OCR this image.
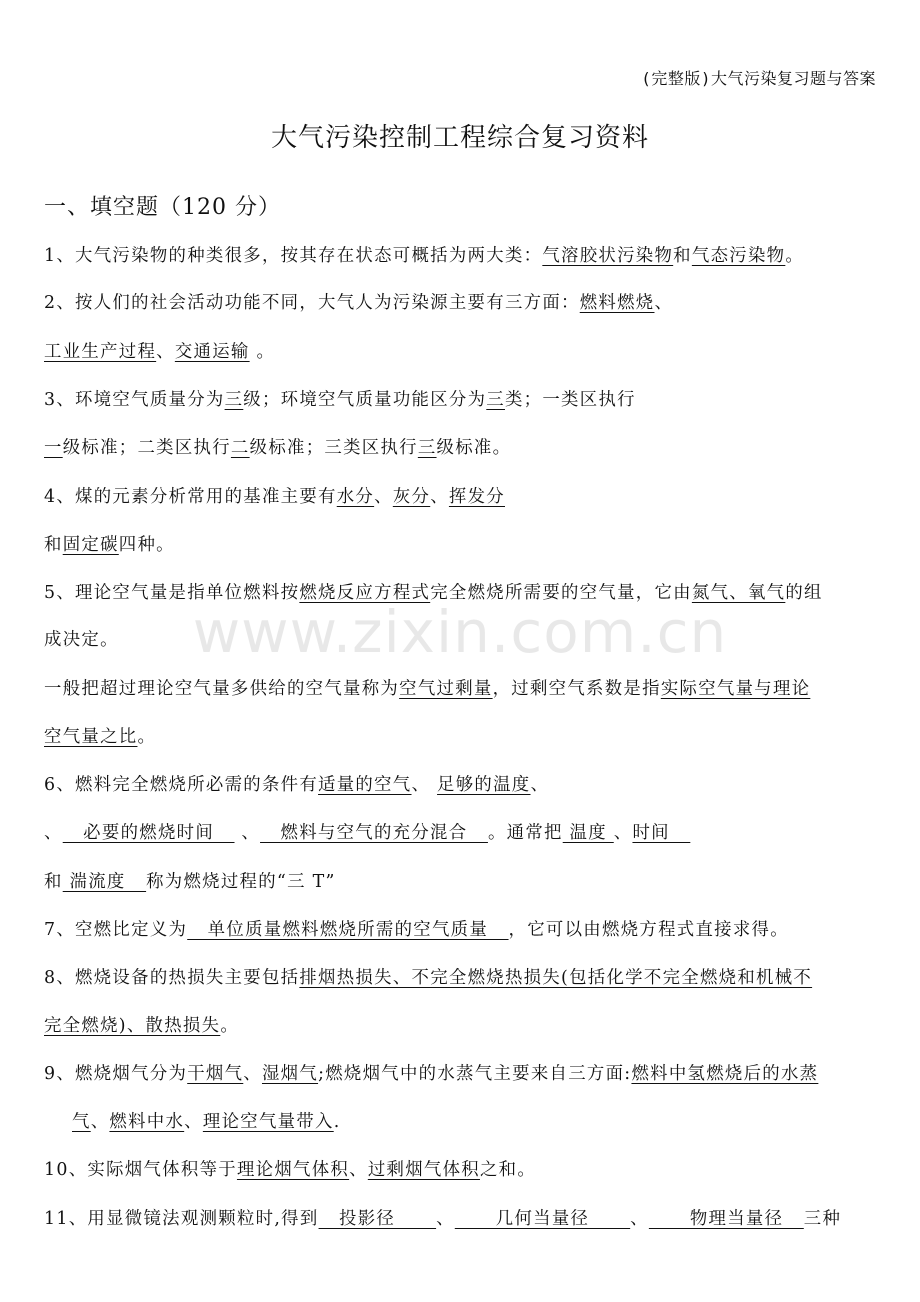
(完整版)大气污染复习题与答案
大气污染控制工程综合复习资料
www.zixin.com.cn
一、填空题（120 分）
1、大气污染物的种类很多，按其存在状态可概括为两大类：气溶胶状污染物和气态污染物。
2、按人们的社会活动功能不同，大气人为污染源主要有三方面：燃料燃烧、
工业生产过程、交通运输 。
3、环境空气质量分为三级；环境空气质量功能区分为三类；一类区执行
一级标准；二类区执行二级标准；三类区执行三级标准。
4、煤的元素分析常用的基准主要有水分、灰分、挥发分
和固定碳四种。
5、理论空气量是指单位燃料按燃烧反应方程式完全燃烧所需要的空气量，它由氮气、氧气的组
成决定。
一般把超过理论空气量多供给的空气量称为空气过剩量，过剩空气系数是指实际空气量与理论
空气量之比。
6、燃料完全燃烧所必需的条件有适量的空气、 足够的温度、
、   必要的燃烧时间    、   燃料与空气的充分混合   。通常把 温度 、时间
和 湍流度   称为燃烧过程的“三 T”
7、空燃比定义为   单位质量燃料燃烧所需的空气质量   ，它可以由燃烧方程式直接求得。
8、燃烧设备的热损失主要包括排烟热损失、不完全燃烧热损失(包括化学不完全燃烧和机械不
完全燃烧)、散热损失。
9、燃烧烟气分为干烟气、湿烟气;燃烧烟气中的水蒸气主要来自三方面:燃料中氢燃烧后的水蒸
气、燃料中水、理论空气量带入.
10、实际烟气体积等于理论烟气体积、过剩烟气体积之和。
11、用显微镜法观测颗粒时,得到   投影径      、      几何当量径      、      物理当量径   三种
